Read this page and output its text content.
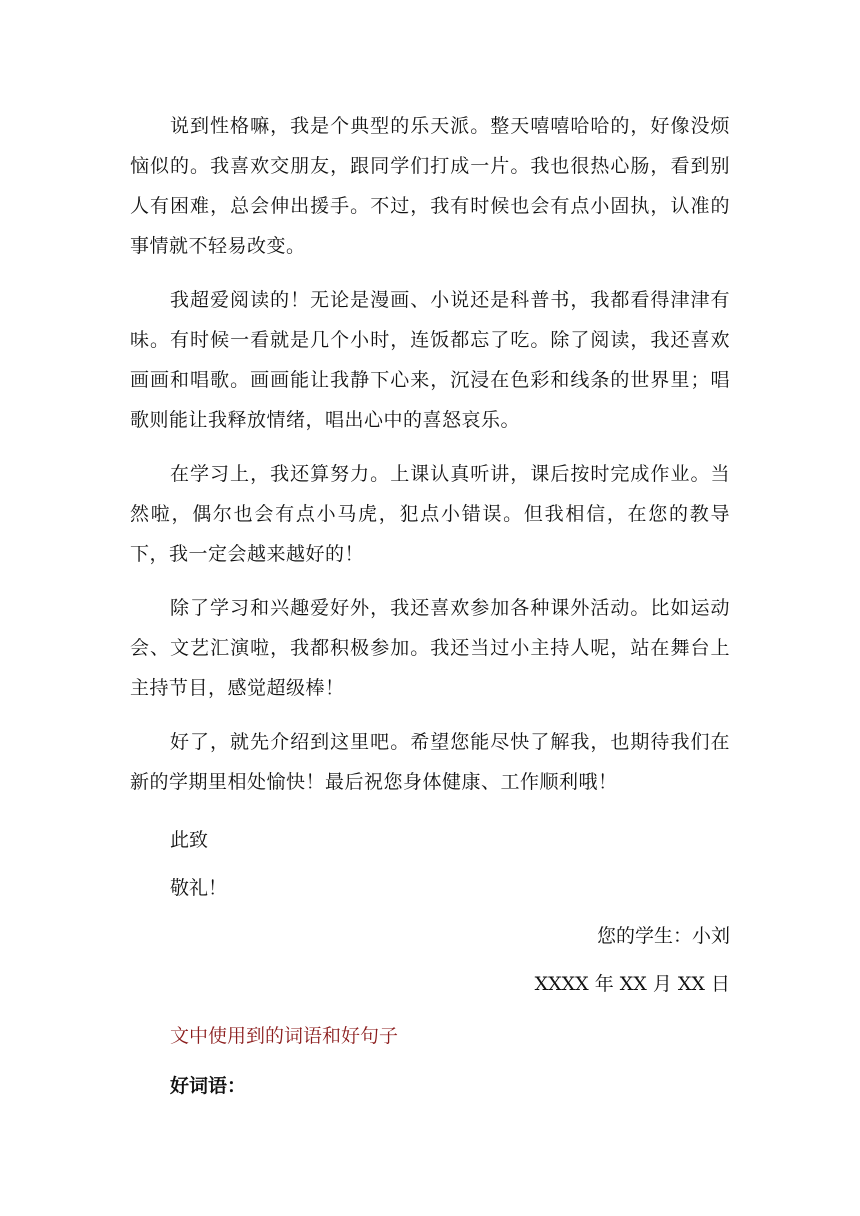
说到性格嘛，我是个典型的乐天派。整天嘻嘻哈哈的，好像没烦恼似的。我喜欢交朋友，跟同学们打成一片。我也很热心肠，看到别人有困难，总会伸出援手。不过，我有时候也会有点小固执，认准的事情就不轻易改变。

我超爱阅读的！无论是漫画、小说还是科普书，我都看得津津有味。有时候一看就是几个小时，连饭都忘了吃。除了阅读，我还喜欢画画和唱歌。画画能让我静下心来，沉浸在色彩和线条的世界里；唱歌则能让我释放情绪，唱出心中的喜怒哀乐。

在学习上，我还算努力。上课认真听讲，课后按时完成作业。当然啦，偶尔也会有点小马虎，犯点小错误。但我相信，在您的教导下，我一定会越来越好的！

除了学习和兴趣爱好外，我还喜欢参加各种课外活动。比如运动会、文艺汇演啦，我都积极参加。我还当过小主持人呢，站在舞台上主持节目，感觉超级棒！

好了，就先介绍到这里吧。希望您能尽快了解我，也期待我们在新的学期里相处愉快！最后祝您身体健康、工作顺利哦！

此致

敬礼！

您的学生：小刘

XXXX 年 XX 月 XX 日

文中使用到的词语和好句子

好词语：
